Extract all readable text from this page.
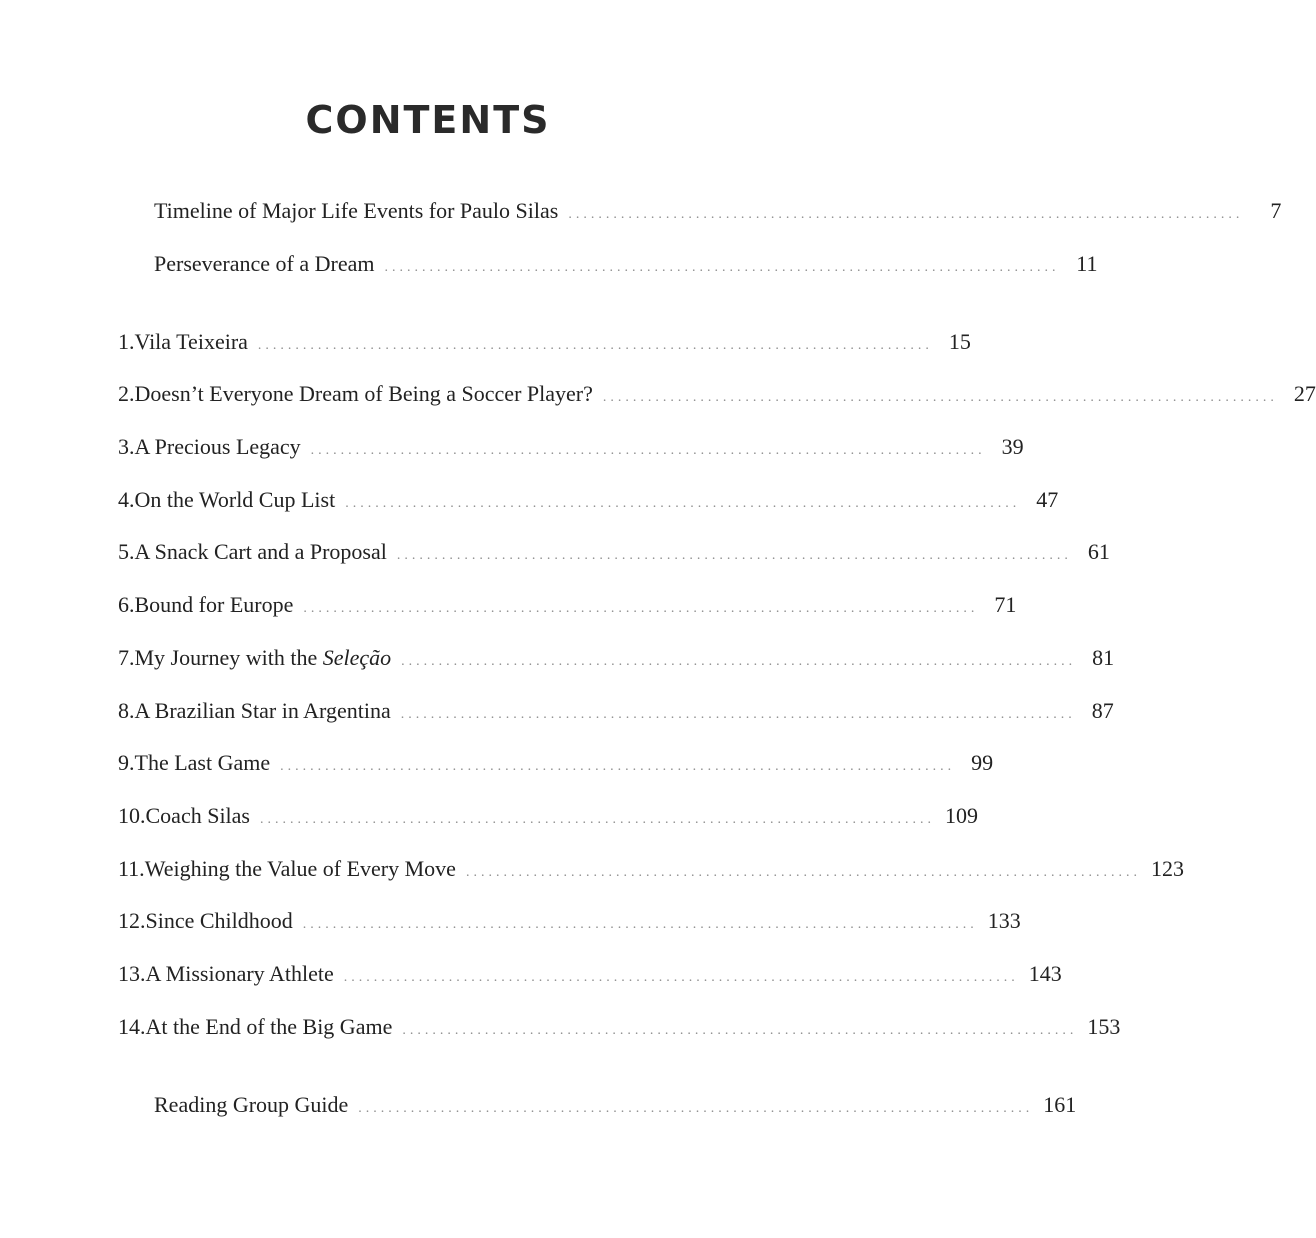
CONTENTS
Timeline of Major Life Events for Paulo Silas ..........................................................................................	7
Perseverance of a Dream .......................................................................................... 11
1. Vila Teixeira .......................................................................................... 15
2. Doesn’t Everyone Dream of Being a Soccer Player? .......................................................................................... 27
3. A Precious Legacy .......................................................................................... 39
4. On the World Cup List .......................................................................................... 47
5. A Snack Cart and a Proposal .......................................................................................... 61
6. Bound for Europe .......................................................................................... 71
7. My Journey with the Seleção .......................................................................................... 81
8. A Brazilian Star in Argentina .......................................................................................... 87
9. The Last Game .......................................................................................... 99
10. Coach Silas .......................................................................................... 109
11. Weighing the Value of Every Move .......................................................................................... 123
12. Since Childhood .......................................................................................... 133
13. A Missionary Athlete .......................................................................................... 143
14. At the End of the Big Game .......................................................................................... 153
Reading Group Guide .......................................................................................... 161
